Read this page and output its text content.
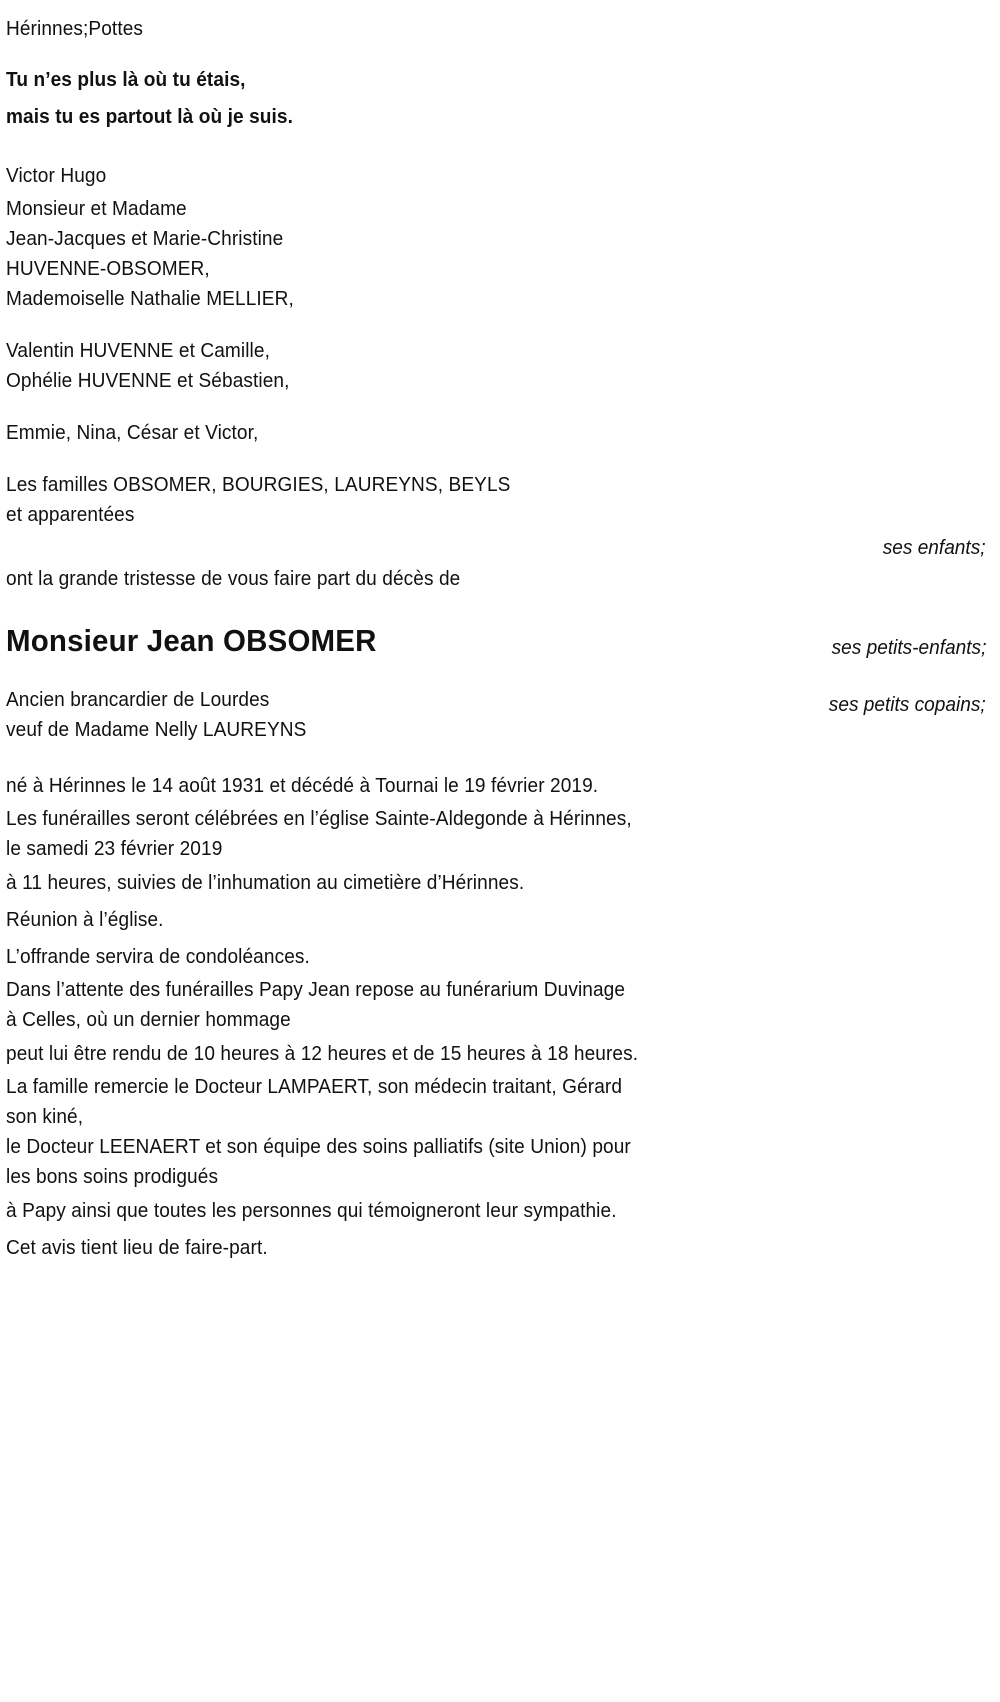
Hérinnes;Pottes
Tu n’es plus là où tu étais,
mais tu es partout là où je suis.
Victor Hugo
Monsieur et Madame
Jean-Jacques et Marie-Christine
HUVENNE-OBSOMER,
Mademoiselle Nathalie MELLIER,
Valentin HUVENNE et Camille,
Ophélie HUVENNE et Sébastien,
Emmie, Nina, César et Victor,
Les familles OBSOMER, BOURGIES, LAUREYNS, BEYLS
et apparentées
ses enfants;
ses petits-enfants;
ses petits copains;
ont la grande tristesse de vous faire part du décès de
Monsieur Jean OBSOMER
Ancien brancardier de Lourdes
veuf de Madame Nelly LAUREYNS
né à Hérinnes le 14 août 1931 et décédé à Tournai le 19 février 2019.
Les funérailles seront célébrées en l’église Sainte-Aldegonde à Hérinnes,
le samedi 23 février 2019
à 11 heures, suivies de l’inhumation au cimetière d’Hérinnes.
Réunion à l’église.
L’offrande servira de condoléances.
Dans l’attente des funérailles Papy Jean repose au funérarium Duvinage
à Celles, où un dernier hommage
peut lui être rendu de 10 heures à 12 heures et de 15 heures à 18 heures.
La famille remercie le Docteur LAMPAERT, son médecin traitant, Gérard
son kiné,
le Docteur LEENAERT et son équipe des soins palliatifs (site Union) pour
les bons soins prodigués
à Papy ainsi que toutes les personnes qui témoigneront leur sympathie.
Cet avis tient lieu de faire-part.
